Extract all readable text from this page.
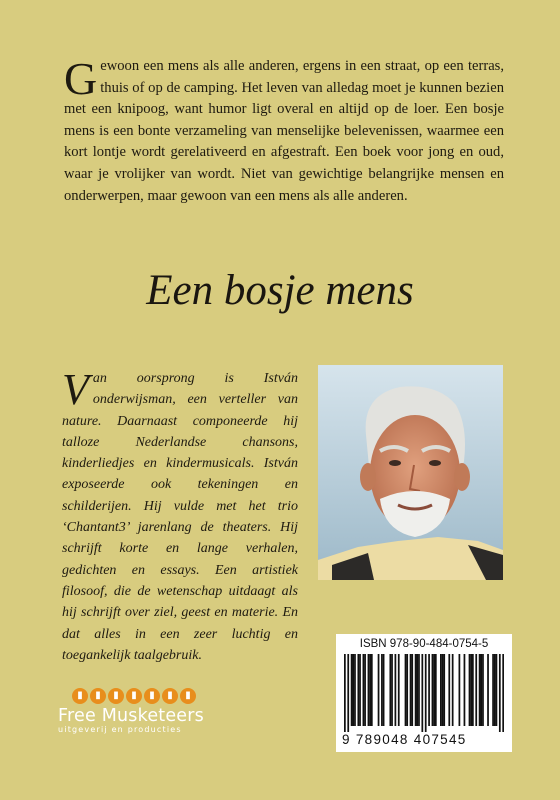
Gewoon een mens als alle anderen, ergens in een straat, op een terras, thuis of op de camping. Het leven van alledag moet je kunnen bezien met een knipoog, want humor ligt overal en altijd op de loer. Een bosje mens is een bonte verzameling van menselijke belevenissen, waarmee een kort lontje wordt gerelativeerd en afgestraft. Een boek voor jong en oud, waar je vrolijker van wordt. Niet van gewichtige belangrijke mensen en onderwerpen, maar gewoon van een mens als alle anderen.

Een bosje mens

Van oorsprong is István onderwijsman, een verteller van nature. Daarnaast componeerde hij talloze Nederlandse chansons, kinderliedjes en kindermusicals. István exposeerde ook tekeningen en schilderijen. Hij vulde met het trio ‘Chantant3’ jarenlang de theaters. Hij schrijft korte en lange verhalen, gedichten en essays. Een artistiek filosoof, die de wetenschap uitdaagt als hij schrijft over ziel, geest en materie. En dat alles in een zeer luchtig en toegankelijk taalgebruik.

ISBN 978-90-484-0754-5
9 789048 407545
▮	▮	▮	▮	▮	▮	▮
Free Musketeers
uitgeverij en producties
